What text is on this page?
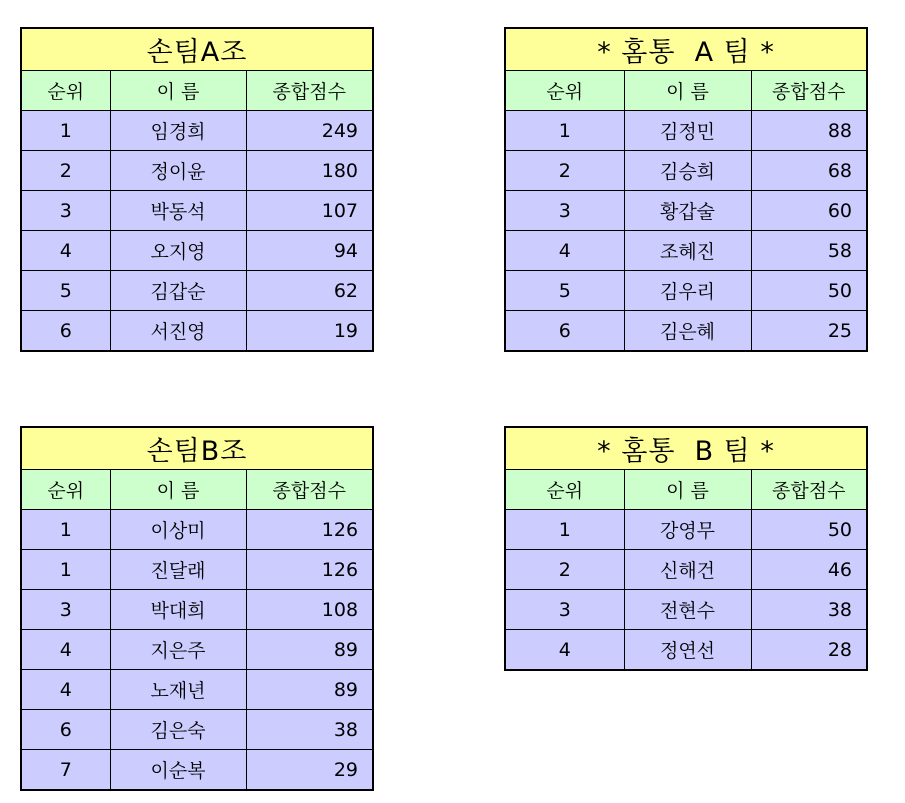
손팀A조		
순위	이 름	종합점수
1	임경희	249
2	정이윤	180
3	박동석	107
4	오지영	94
5	김갑순	62
6	서진영	19
* 홈통  A 팀 *		
순위	이 름	종합점수
1	김정민	88
2	김승희	68
3	황갑술	60
4	조혜진	58
5	김우리	50
6	김은혜	25
손팀B조		
순위	이 름	종합점수
1	이상미	126
1	진달래	126
3	박대희	108
4	지은주	89
4	노재년	89
6	김은숙	38
7	이순복	29
* 홈통  B 팀 *		
순위	이 름	종합점수
1	강영무	50
2	신해건	46
3	전현수	38
4	정연선	28
